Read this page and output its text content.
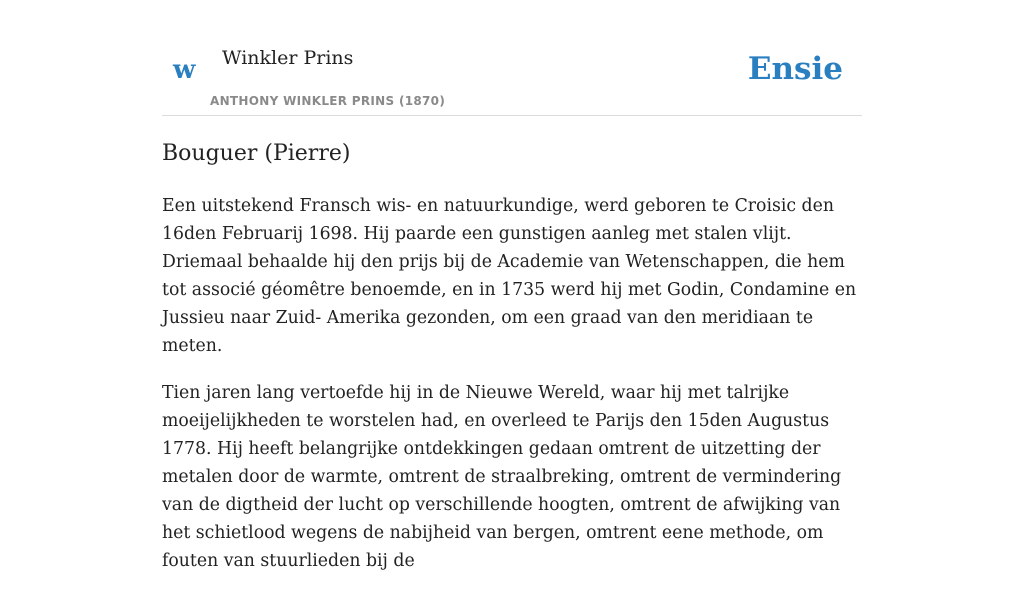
w Winkler Prins
ANTHONY WINKLER PRINS (1870)
Ensie
Bouguer (Pierre)

Een uitstekend Fransch wis- en natuurkundige, werd geboren te Croisic den 16den Februarij 1698. Hij paarde een gunstigen aanleg met stalen vlijt. Driemaal behaalde hij den prijs bij de Academie van Wetenschappen, die hem tot associé géomêtre benoemde, en in 1735 werd hij met Godin, Condamine en Jussieu naar Zuid- Amerika gezonden, om een graad van den meridiaan te meten.

Tien jaren lang vertoefde hij in de Nieuwe Wereld, waar hij met talrijke moeijelijkheden te worstelen had, en overleed te Parijs den 15den Augustus 1778. Hij heeft belangrijke ontdekkingen gedaan omtrent de uitzetting der metalen door de warmte, omtrent de straalbreking, omtrent de vermindering van de digtheid der lucht op verschillende hoogten, omtrent de afwijking van het schietlood wegens de nabijheid van bergen, omtrent eene methode, om fouten van stuurlieden bij de
